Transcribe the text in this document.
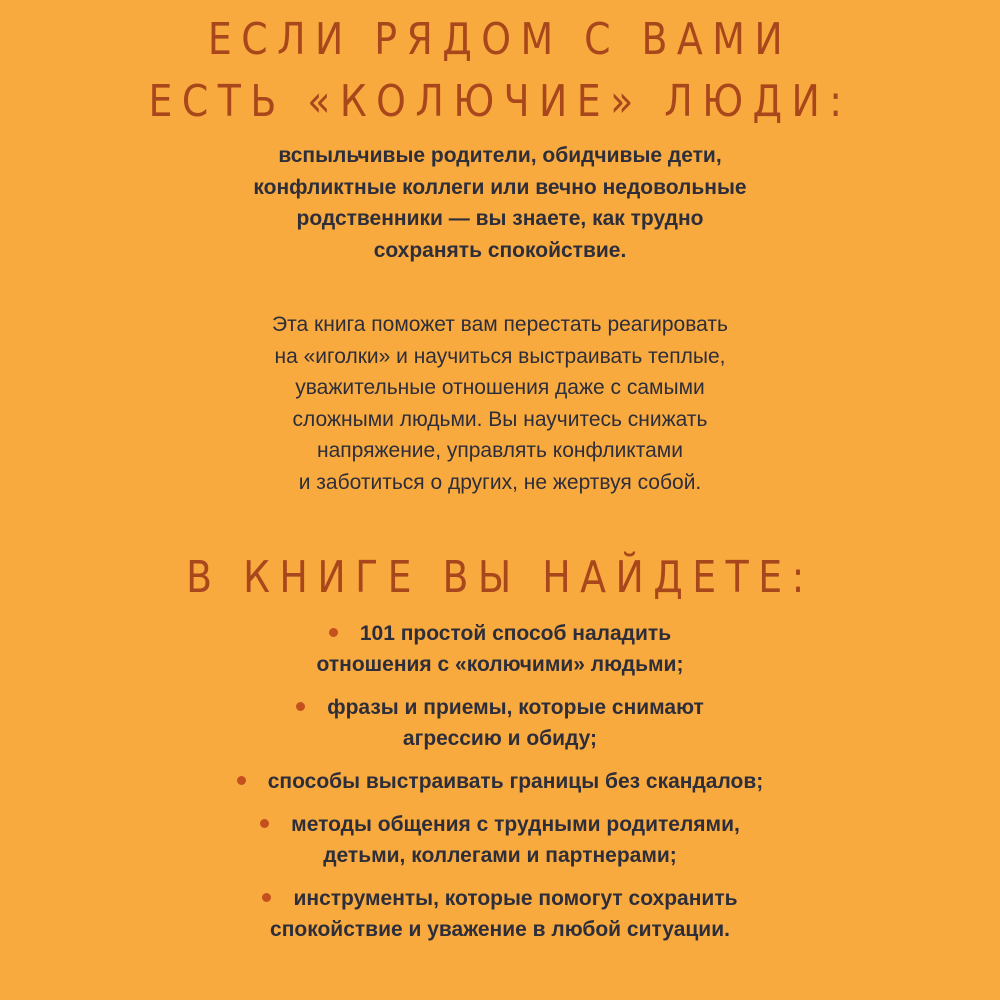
ЕСЛИ РЯДОМ С ВАМИ
ЕСТЬ «КОЛЮЧИЕ» ЛЮДИ:

вспыльчивые родители, обидчивые дети,
конфликтные коллеги или вечно недовольные
родственники — вы знаете, как трудно
сохранять спокойствие.

Эта книга поможет вам перестать реагировать
на «иголки» и научиться выстраивать теплые,
уважительные отношения даже с самыми
сложными людьми. Вы научитесь снижать
напряжение, управлять конфликтами
и заботиться о других, не жертвуя собой.

В КНИГЕ ВЫ НАЙДЕТЕ:
101 простой способ наладить
отношения с «колючими» людьми;
фразы и приемы, которые снимают
агрессию и обиду;
способы выстраивать границы без скандалов;
методы общения с трудными родителями,
детьми, коллегами и партнерами;
инструменты, которые помогут сохранить
спокойствие и уважение в любой ситуации.
